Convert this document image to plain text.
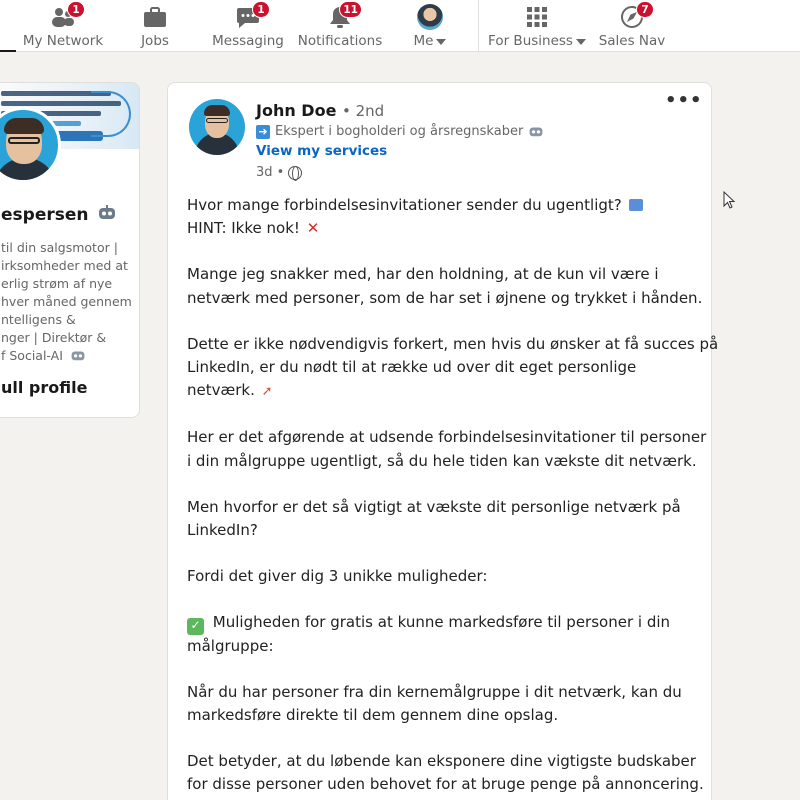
1
My Network	Jobs
1
Messaging
11
Notifications Me	For Business
7
Sales Nav
espersen
til din salgsmotor |
irksomheder med at
erlig strøm af nye
hver måned gennem
ntelligens &
nger | Direktør &
f Social-AI
ull profile
John Doe • 2nd
➜ Ekspert i bogholderi og årsregnskaber
View my services
3d •
•••

Hvor mange forbindelsesinvitationer sender du ugentligt?
HINT: Ikke nok! ✕

Mange jeg snakker med, har den holdning, at de kun vil være i
netværk med personer, som de har set i øjnene og trykket i hånden.

Dette er ikke nødvendigvis forkert, men hvis du ønsker at få succes på
LinkedIn, er du nødt til at række ud over dit eget personlige
netværk. ➚

Her er det afgørende at udsende forbindelsesinvitationer til personer
i din målgruppe ugentligt, så du hele tiden kan vækste dit netværk.

Men hvorfor er det så vigtigt at vækste dit personlige netværk på
LinkedIn?

Fordi det giver dig 3 unikke muligheder:

✓ Muligheden for gratis at kunne markedsføre til personer i din
målgruppe:

Når du har personer fra din kernemålgruppe i dit netværk, kan du
markedsføre direkte til dem gennem dine opslag.

Det betyder, at du løbende kan eksponere dine vigtigste budskaber
for disse personer uden behovet for at bruge penge på annoncering.
